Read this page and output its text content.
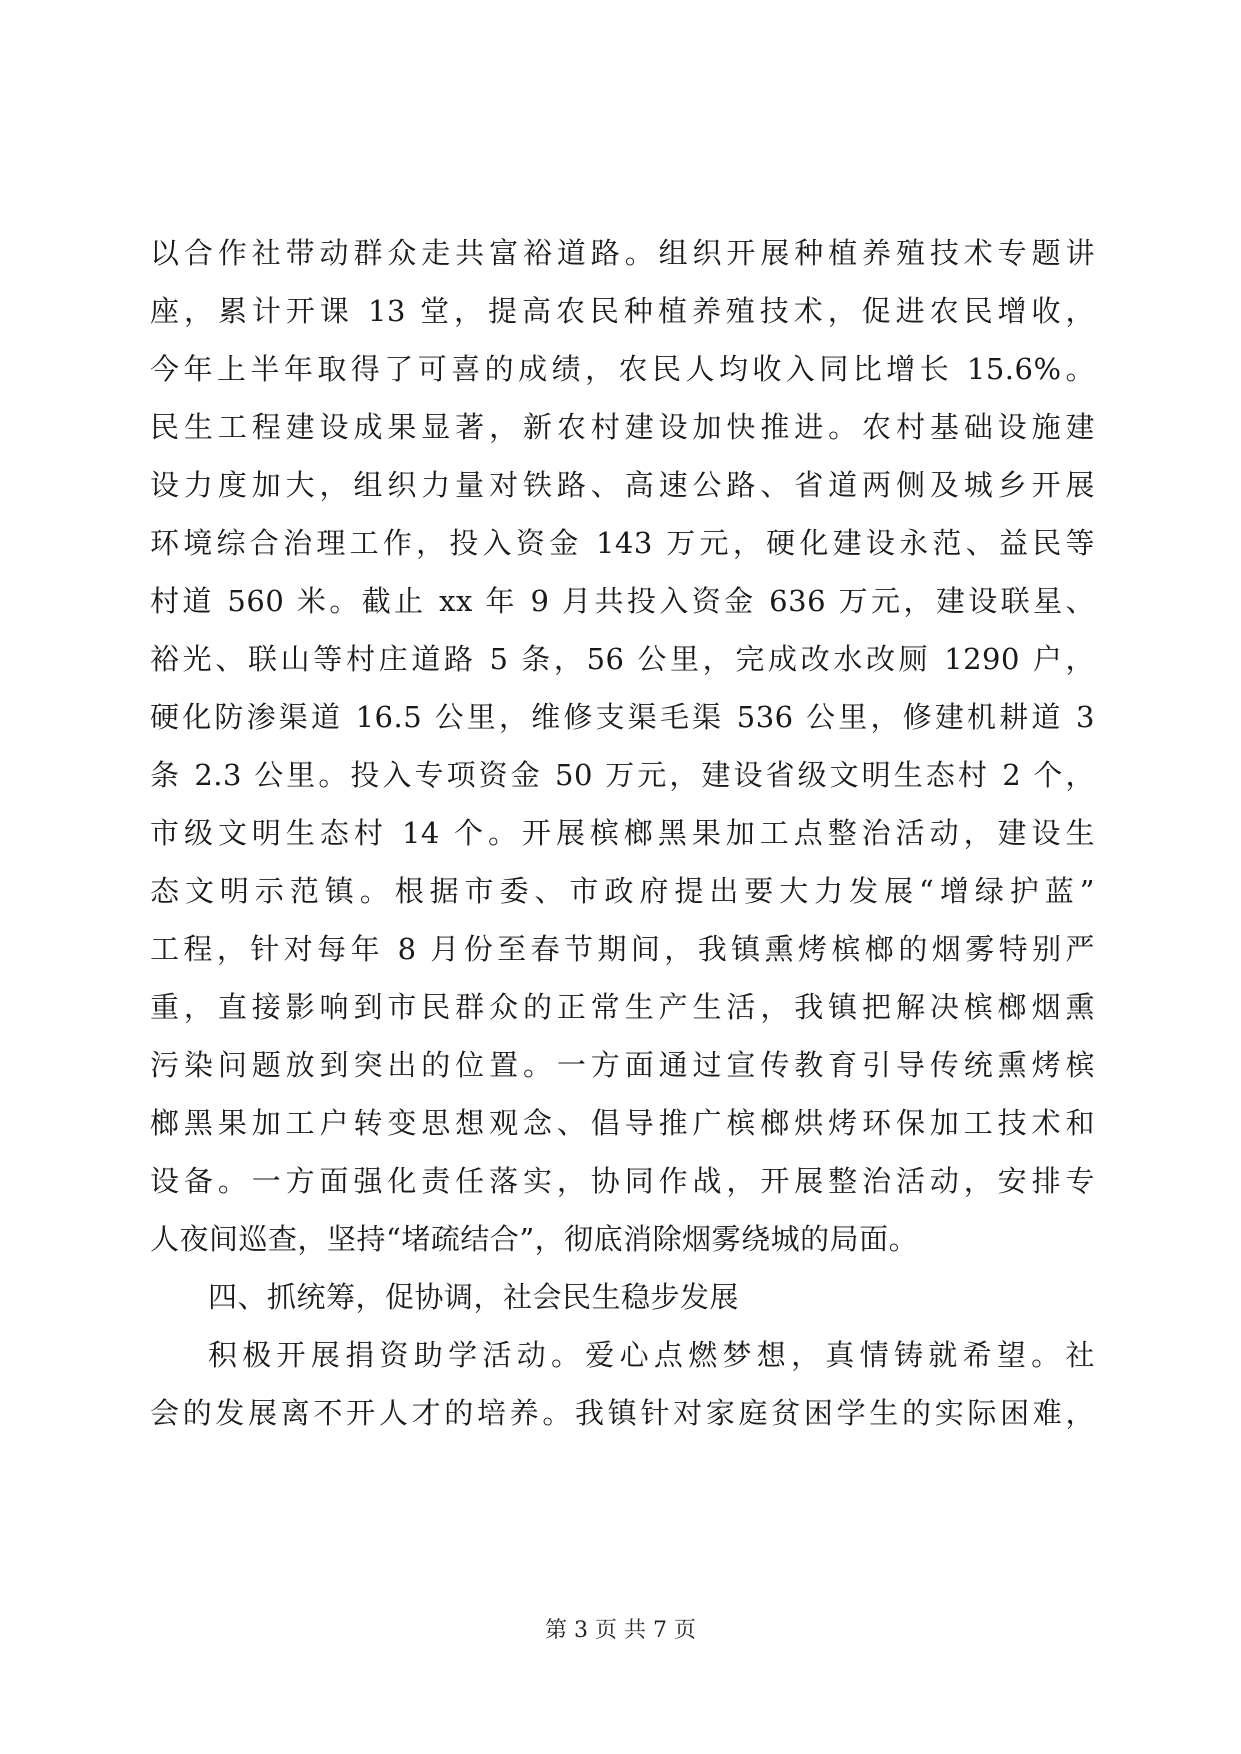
以合作社带动群众走共富裕道路。组织开展种植养殖技术专题讲
座，累计开课 13 堂，提高农民种植养殖技术，促进农民增收，
今年上半年取得了可喜的成绩，农民人均收入同比增长 15.6%。
民生工程建设成果显著，新农村建设加快推进。农村基础设施建
设力度加大，组织力量对铁路、高速公路、省道两侧及城乡开展
环境综合治理工作，投入资金 143 万元，硬化建设永范、益民等
村道 560 米。截止 xx 年 9 月共投入资金 636 万元，建设联星、
裕光、联山等村庄道路 5 条，56 公里，完成改水改厕 1290 户，
硬化防渗渠道 16.5 公里，维修支渠毛渠 536 公里，修建机耕道 3
条 2.3 公里。投入专项资金 50 万元，建设省级文明生态村 2 个，
市级文明生态村 14 个。开展槟榔黑果加工点整治活动，建设生
态文明示范镇。根据市委、市政府提出要大力发展“增绿护蓝”
工程，针对每年 8 月份至春节期间，我镇熏烤槟榔的烟雾特别严
重，直接影响到市民群众的正常生产生活，我镇把解决槟榔烟熏
污染问题放到突出的位置。一方面通过宣传教育引导传统熏烤槟
榔黑果加工户转变思想观念、倡导推广槟榔烘烤环保加工技术和
设备。一方面强化责任落实，协同作战，开展整治活动，安排专
人夜间巡查，坚持“堵疏结合”，彻底消除烟雾绕城的局面。
四、抓统筹，促协调，社会民生稳步发展
积极开展捐资助学活动。爱心点燃梦想，真情铸就希望。社
会的发展离不开人才的培养。我镇针对家庭贫困学生的实际困难，
第 3 页 共 7 页
